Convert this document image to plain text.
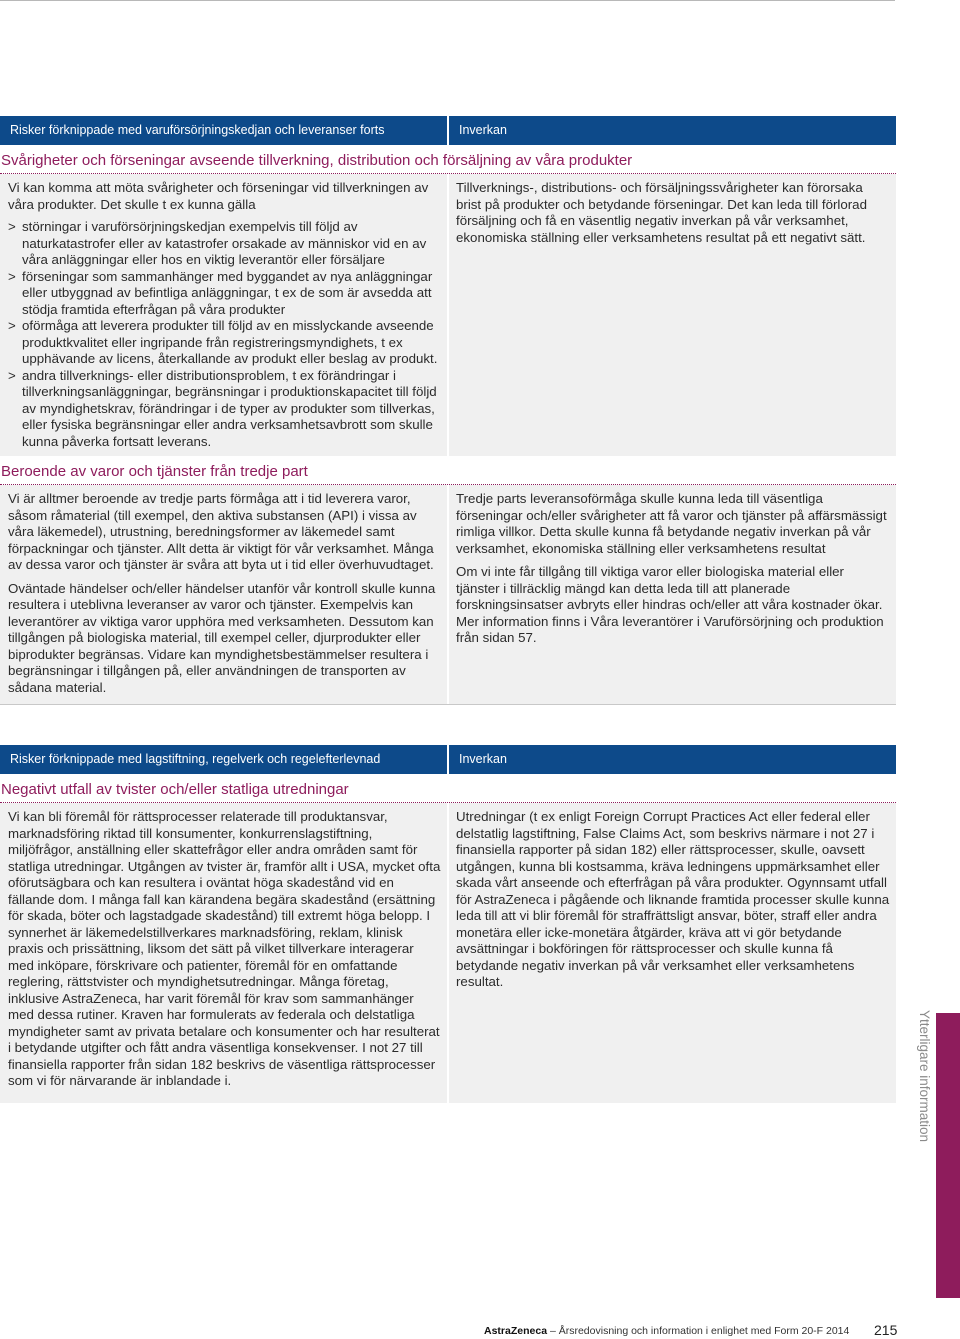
Risker förknippade med varuförsörjningskedjan och leveranser forts	Inverkan
Svårigheter och förseningar avseende tillverkning, distribution och försäljning av våra produkter

Vi kan komma att möta svårigheter och förseningar vid tillverkningen av våra produkter. Det skulle t ex kunna gälla

> störningar i varuförsörjningskedjan exempelvis till följd av naturkatastrofer eller av katastrofer orsakade av människor vid en av våra anläggningar eller hos en viktig leverantör eller försäljare
> förseningar som sammanhänger med byggandet av nya anläggningar eller utbyggnad av befintliga anläggningar, t ex de som är avsedda att stödja framtida efterfrågan på våra produkter
> oförmåga att leverera produkter till följd av en misslyckande avseende produktkvalitet eller ingripande från registreringsmyndighets, t ex upphävande av licens, återkallande av produkt eller beslag av produkt.
> andra tillverknings- eller distributionsproblem, t ex förändringar i tillverkningsanläggningar, begränsningar i produktionskapacitet till följd av myndighetskrav, förändringar i de typer av produkter som tillverkas, eller fysiska begränsningar eller andra verksamhetsavbrott som skulle kunna påverka fortsatt leverans.

Tillverknings-, distributions- och försäljningssvårigheter kan förorsaka brist på produkter och betydande förseningar. Det kan leda till förlorad försäljning och få en väsentlig negativ inverkan på vår verksamhet, ekonomiska ställning eller verksamhetens resultat på ett negativt sätt.

Beroende av varor och tjänster från tredje part

Vi är alltmer beroende av tredje parts förmåga att i tid leverera varor, såsom råmaterial (till exempel, den aktiva substansen (API) i vissa av våra läkemedel), utrustning, beredningsformer av läkemedel samt förpackningar och tjänster. Allt detta är viktigt för vår verksamhet. Många av dessa varor och tjänster är svåra att byta ut i tid eller överhuvudtaget.

Oväntade händelser och/eller händelser utanför vår kontroll skulle kunna resultera i uteblivna leveranser av varor och tjänster. Exempelvis kan leverantörer av viktiga varor upphöra med verksamheten. Dessutom kan tillgången på biologiska material, till exempel celler, djurprodukter eller biprodukter begränsas. Vidare kan myndighetsbestämmelser resultera i begränsningar i tillgången på, eller användningen de transporten av sådana material.

Tredje parts leveransoförmåga skulle kunna leda till väsentliga förseningar och/eller svårigheter att få varor och tjänster på affärsmässigt rimliga villkor. Detta skulle kunna få betydande negativ inverkan på vår verksamhet, ekonomiska ställning eller verksamhetens resultat

Om vi inte får tillgång till viktiga varor eller biologiska material eller tjänster i tillräcklig mängd kan detta leda till att planerade forskningsinsatser avbryts eller hindras och/eller att våra kostnader ökar. Mer information finns i Våra leverantörer i Varuförsörjning och produktion från sidan 57.

Risker förknippade med lagstiftning, regelverk och regelefterlevnad	Inverkan
Negativt utfall av tvister och/eller statliga utredningar

Vi kan bli föremål för rättsprocesser relaterade till produktansvar, marknadsföring riktad till konsumenter, konkurrenslagstiftning, miljöfrågor, anställning eller skattefrågor eller andra områden samt för statliga utredningar. Utgången av tvister är, framför allt i USA, mycket ofta oförutsägbara och kan resultera i oväntat höga skadestånd vid en fällande dom. I många fall kan kärandena begära skadestånd (ersättning för skada, böter och lagstadgade skadestånd) till extremt höga belopp. I synnerhet är läkemedelstillverkares marknadsföring, reklam, klinisk praxis och prissättning, liksom det sätt på vilket tillverkare interagerar med inköpare, förskrivare och patienter, föremål för en omfattande reglering, rättstvister och myndighetsutredningar. Många företag, inklusive AstraZeneca, har varit föremål för krav som sammanhänger med dessa rutiner. Kraven har formulerats av federala och delstatliga myndigheter samt av privata betalare och konsumenter och har resulterat i betydande utgifter och fått andra väsentliga konsekvenser. I not 27 till finansiella rapporter från sidan 182 beskrivs de väsentliga rättsprocesser som vi för närvarande är inblandade i.

Utredningar (t ex enligt Foreign Corrupt Practices Act eller federal eller delstatlig lagstiftning, False Claims Act, som beskrivs närmare i not 27 i finansiella rapporter på sidan 182) eller rättsprocesser, skulle, oavsett utgången, kunna bli kostsamma, kräva ledningens uppmärksamhet eller skada vårt anseende och efterfrågan på våra produkter. Ogynnsamt utfall för AstraZeneca i pågående och liknande framtida processer skulle kunna leda till att vi blir föremål för straffrättsligt ansvar, böter, straff eller andra monetära eller icke-monetära åtgärder, kräva att vi gör betydande avsättningar i bokföringen för rättsprocesser och skulle kunna få betydande negativ inverkan på vår verksamhet eller verksamhetens resultat.

Ytterligare information
AstraZeneca – Årsredovisning och information i enlighet med Form 20-F 2014 215
